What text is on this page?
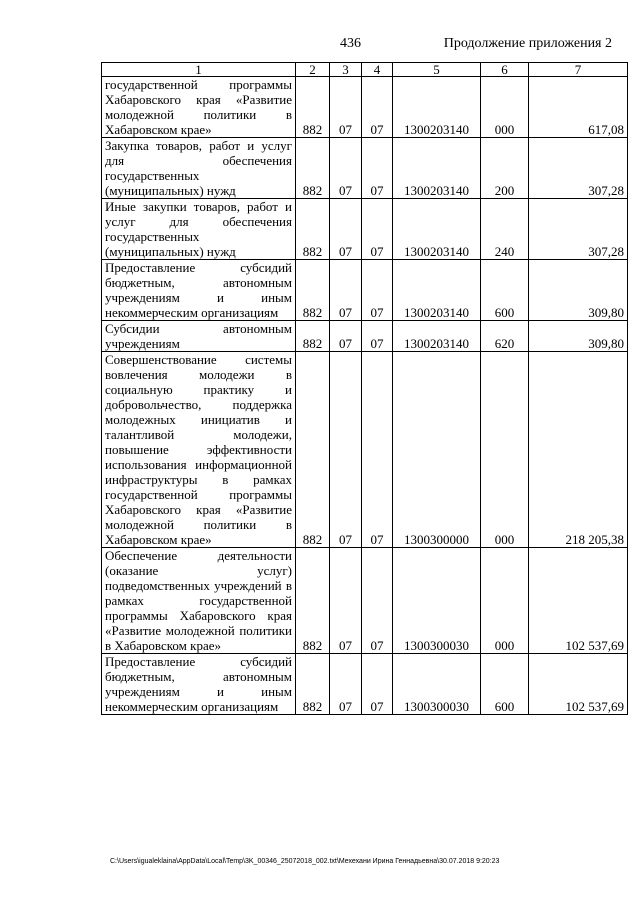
436	Продолжение приложения 2
1	2	3	4	5	6	7
государственной программы Хабаровского края «Развитие молодежной политики в Хабаровском крае»	882	07	07	1300203140	000	617,08
Закупка товаров, работ и услуг для обеспечения государственных (муниципальных) нужд	882	07	07	1300203140	200	307,28
Иные закупки товаров, работ и услуг для обеспечения государственных (муниципальных) нужд	882	07	07	1300203140	240	307,28
Предоставление субсидий бюджетным, автономным учреждениям и иным некоммерческим организациям	882	07	07	1300203140	600	309,80
Субсидии автономным учреждениям	882	07	07	1300203140	620	309,80
Совершенствование системы вовлечения молодежи в социальную практику и добровольчество, поддержка молодежных инициатив и талантливой молодежи, повышение эффективности использования информационной инфраструктуры в рамках государственной программы Хабаровского края «Развитие молодежной политики в Хабаровском крае»	882	07	07	1300300000	000	218 205,38
Обеспечение деятельности (оказание услуг) подведомственных учреждений в рамках государственной программы Хабаровского края «Развитие молодежной политики в Хабаровском крае»	882	07	07	1300300030	000	102 537,69
Предоставление субсидий бюджетным, автономным учреждениям и иным некоммерческим организациям	882	07	07	1300300030	600	102 537,69
C:\Users\igualeklaina\AppData\Local\Temp\3K_00346_25072018_002.txt\Мехехани Ирина Геннадьевна\30.07.2018 9:20:23
